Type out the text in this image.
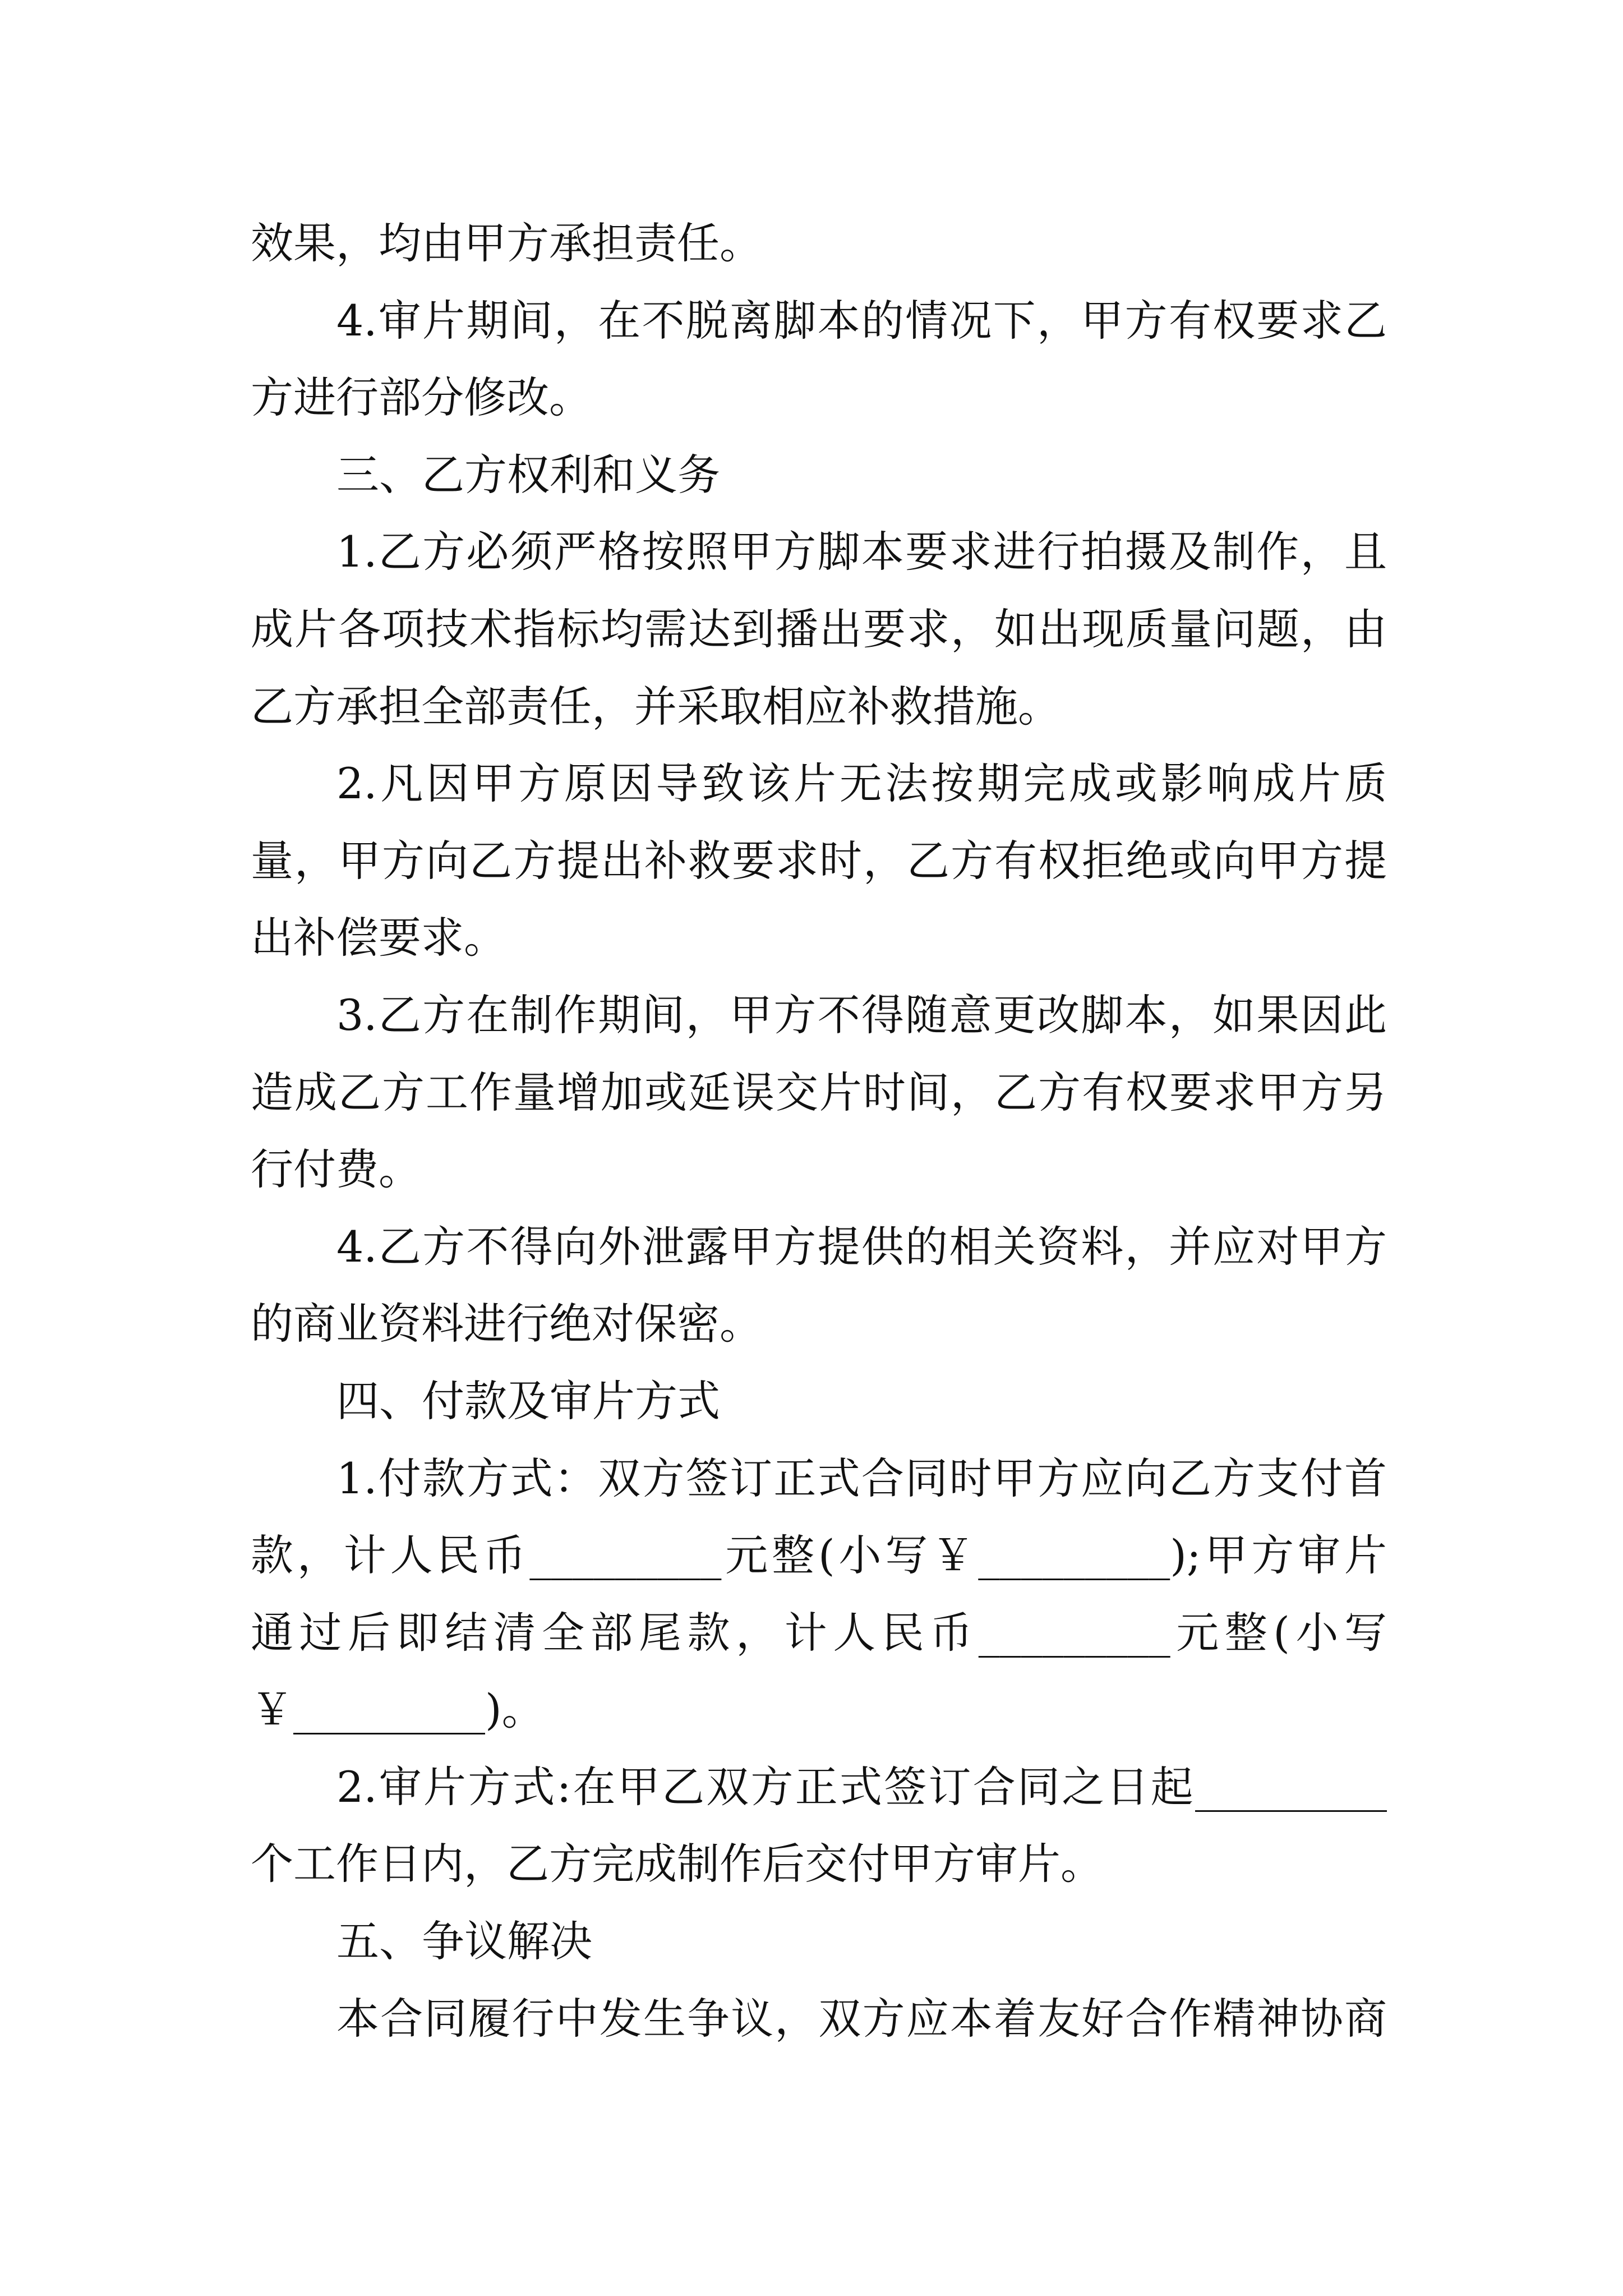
效果，均由甲方承担责任。
4.审片期间，在不脱离脚本的情况下，甲方有权要求乙
方进行部分修改。
三、乙方权利和义务
1.乙方必须严格按照甲方脚本要求进行拍摄及制作，且
成片各项技术指标均需达到播出要求，如出现质量问题，由
乙方承担全部责任，并采取相应补救措施。
2.凡因甲方原因导致该片无法按期完成或影响成片质
量，甲方向乙方提出补救要求时，乙方有权拒绝或向甲方提
出补偿要求。
3.乙方在制作期间，甲方不得随意更改脚本，如果因此
造成乙方工作量增加或延误交片时间，乙方有权要求甲方另
行付费。
4.乙方不得向外泄露甲方提供的相关资料，并应对甲方
的商业资料进行绝对保密。
四、付款及审片方式
1.付款方式：双方签订正式合同时甲方应向乙方支付首
款，计人民币_________元整(小写￥_________);甲方审片
通过后即结清全部尾款，计人民币_________元整(小写
￥_________)。
2.审片方式:在甲乙双方正式签订合同之日起_________
个工作日内，乙方完成制作后交付甲方审片。
五、争议解决
本合同履行中发生争议，双方应本着友好合作精神协商
